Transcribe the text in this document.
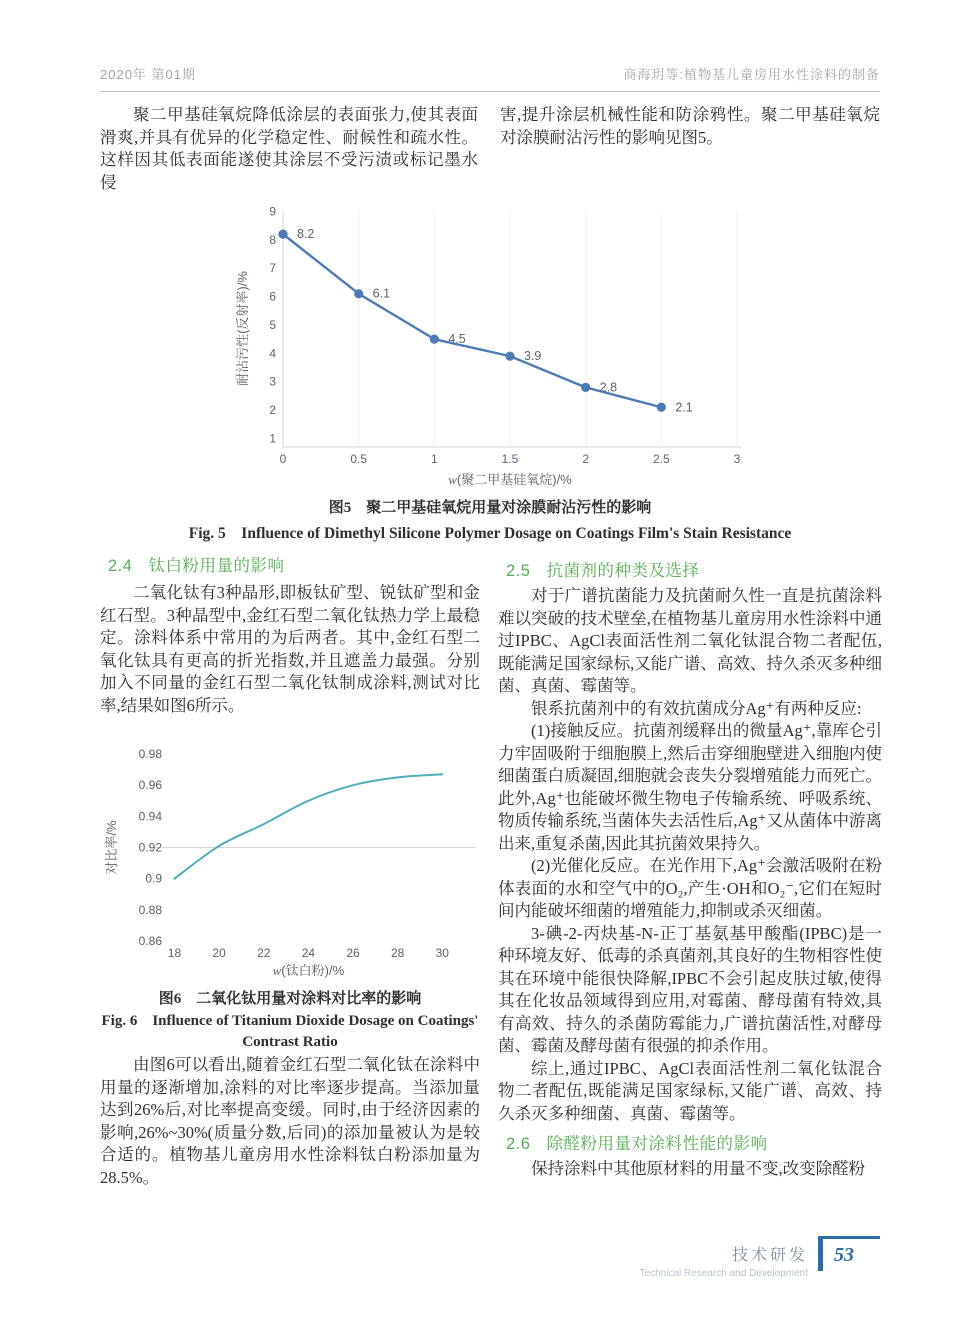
2020年 第01期	商海玥等:植物基儿童房用水性涂料的制备

聚二甲基硅氧烷降低涂层的表面张力,使其表面滑爽,并具有优异的化学稳定性、耐候性和疏水性。这样因其低表面能遂使其涂层不受污渍或标记墨水侵

害,提升涂层机械性能和防涂鸦性。聚二甲基硅氧烷对涂膜耐沾污性的影响见图5。

1
2
3
4
5
6
7
8
9
0	0.5	1	1.5	2	2.5	3
8.2
6.1
4.5
3.9
2.8
2.1
w(聚二甲基硅氧烷)/%
耐沾污性(反射率)/%
图5　聚二甲基硅氧烷用量对涂膜耐沾污性的影响
Fig. 5　Influence of Dimethyl Silicone Polymer Dosage on Coatings Film's Stain Resistance
2.4 钛白粉用量的影响

二氧化钛有3种晶形,即板钛矿型、锐钛矿型和金红石型。3种晶型中,金红石型二氧化钛热力学上最稳定。涂料体系中常用的为后两者。其中,金红石型二氧化钛具有更高的折光指数,并且遮盖力最强。分别加入不同量的金红石型二氧化钛制成涂料,测试对比率,结果如图6所示。

0.86
0.88
0.9
0.92
0.94
0.96
0.98
18	20	22	24	26	28	30
w(钛白粉)/%
对比率/%
图6　二氧化钛用量对涂料对比率的影响
Fig. 6　Influence of Titanium Dioxide Dosage on Coatings'
Contrast Ratio

由图6可以看出,随着金红石型二氧化钛在涂料中用量的逐渐增加,涂料的对比率逐步提高。当添加量达到26%后,对比率提高变缓。同时,由于经济因素的影响,26%~30%(质量分数,后同)的添加量被认为是较合适的。植物基儿童房用水性涂料钛白粉添加量为28.5%。

2.5 抗菌剂的种类及选择

对于广谱抗菌能力及抗菌耐久性一直是抗菌涂料难以突破的技术壁垒,在植物基儿童房用水性涂料中通过IPBC、AgCl表面活性剂二氧化钛混合物二者配伍,既能满足国家绿标,又能广谱、高效、持久杀灭多种细菌、真菌、霉菌等。

银系抗菌剂中的有效抗菌成分Ag⁺有两种反应:

(1)接触反应。抗菌剂缓释出的微量Ag⁺,靠库仑引力牢固吸附于细胞膜上,然后击穿细胞壁进入细胞内使细菌蛋白质凝固,细胞就会丧失分裂增殖能力而死亡。此外,Ag⁺也能破坏微生物电子传输系统、呼吸系统、物质传输系统,当菌体失去活性后,Ag⁺又从菌体中游离出来,重复杀菌,因此其抗菌效果持久。

(2)光催化反应。在光作用下,Ag⁺会激活吸附在粉体表面的水和空气中的O₂,产生·OH和O₂⁻,它们在短时间内能破坏细菌的增殖能力,抑制或杀灭细菌。

3-碘-2-丙炔基-N-正丁基氨基甲酸酯(IPBC)是一种环境友好、低毒的杀真菌剂,其良好的生物相容性使其在环境中能很快降解,IPBC不会引起皮肤过敏,使得其在化妆品领域得到应用,对霉菌、酵母菌有特效,具有高效、持久的杀菌防霉能力,广谱抗菌活性,对酵母菌、霉菌及酵母菌有很强的抑杀作用。

综上,通过IPBC、AgCl表面活性剂二氧化钛混合物二者配伍,既能满足国家绿标,又能广谱、高效、持久杀灭多种细菌、真菌、霉菌等。

2.6 除醛粉用量对涂料性能的影响

保持涂料中其他原材料的用量不变,改变除醛粉

技术研发
Technical Research and Development
53
